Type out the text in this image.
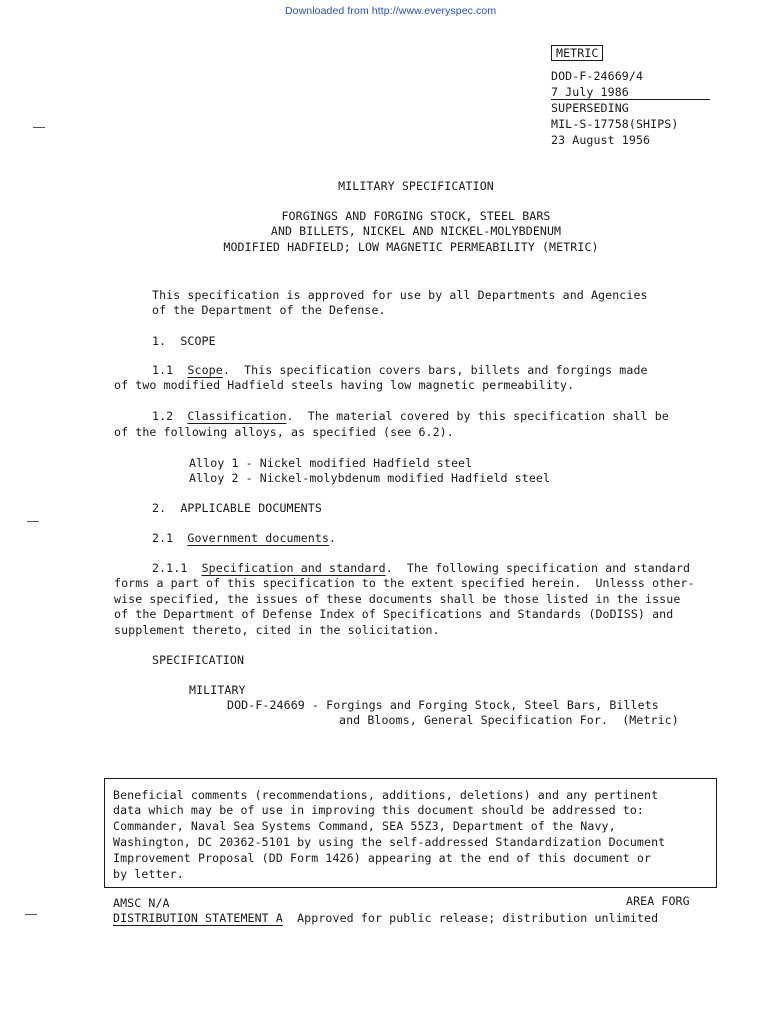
Downloaded from http://www.everyspec.com
METRIC
DOD-F-24669/4
7 July 1986
SUPERSEDING
MIL-S-17758(SHIPS)
23 August 1956
MILITARY SPECIFICATION
FORGINGS AND FORGING STOCK, STEEL BARS
AND BILLETS, NICKEL AND NICKEL-MOLYBDENUM
MODIFIED HADFIELD; LOW MAGNETIC PERMEABILITY (METRIC)
This specification is approved for use by all Departments and Agencies
of the Department of the Defense.
1.  SCOPE
1.1 Scope.  This specification covers bars, billets and forgings made
of two modified Hadfield steels having low magnetic permeability.
1.2 Classification.  The material covered by this specification shall be
of the following alloys, as specified (see 6.2).
Alloy 1 - Nickel modified Hadfield steel
Alloy 2 - Nickel-molybdenum modified Hadfield steel
2.  APPLICABLE DOCUMENTS
2.1 Government documents.
2.1.1 Specification and standard.  The following specification and standard
forms a part of this specification to the extent specified herein.  Unlesss other-
wise specified, the issues of these documents shall be those listed in the issue
of the Department of Defense Index of Specifications and Standards (DoDISS) and
supplement thereto, cited in the solicitation.
SPECIFICATION
MILITARY
DOD-F-24669 - Forgings and Forging Stock, Steel Bars, Billets
and Blooms, General Specification For.  (Metric)
Beneficial comments (recommendations, additions, deletions) and any pertinent
data which may be of use in improving this document should be addressed to:
Commander, Naval Sea Systems Command, SEA 55Z3, Department of the Navy,
Washington, DC 20362-5101 by using the self-addressed Standardization Document
Improvement Proposal (DD Form 1426) appearing at the end of this document or
by letter.
AMSC N/A	AREA FORG
DISTRIBUTION STATEMENT A Approved for public release; distribution unlimited
